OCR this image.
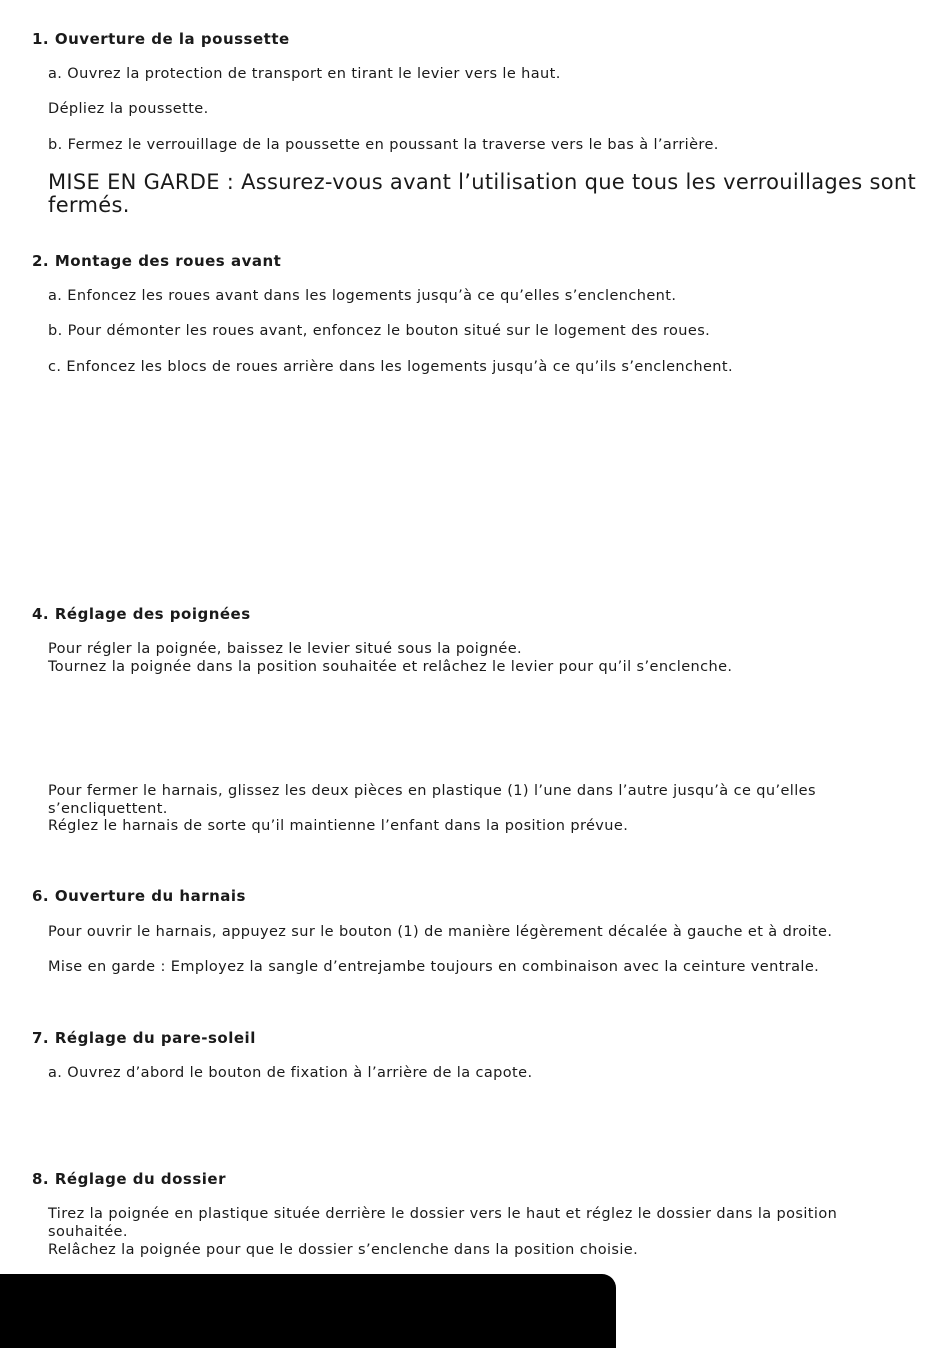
1. Ouverture de la poussette

a. Ouvrez la protection de transport en tirant le levier vers le haut.

Dépliez la poussette.

b. Fermez le verrouillage de la poussette en poussant la traverse vers le bas à l’arrière.

MISE EN GARDE : Assurez-vous avant l’utilisation que tous les verrouillages sont fermés.

2. Montage des roues avant

a. Enfoncez les roues avant dans les logements jusqu’à ce qu’elles s’enclenchent.

b. Pour démonter les roues avant, enfoncez le bouton situé sur le logement des roues.

c. Enfoncez les blocs de roues arrière dans les logements jusqu’à ce qu’ils s’enclenchent.

4. Réglage des poignées

Pour régler la poignée, baissez le levier situé sous la poignée.

Tournez la poignée dans la position souhaitée et relâchez le levier pour qu’il s’enclenche.

Pour fermer le harnais, glissez les deux pièces en plastique (1) l’une dans l’autre jusqu’à ce qu’elles s’encliquettent.

Réglez le harnais de sorte qu’il maintienne l’enfant dans la position prévue.

6. Ouverture du harnais

Pour ouvrir le harnais, appuyez sur le bouton (1) de manière légèrement décalée à gauche et à droite.

Mise en garde : Employez la sangle d’entrejambe toujours en combinaison avec la ceinture ventrale.

7. Réglage du pare-soleil

a. Ouvrez d’abord le bouton de fixation à l’arrière de la capote.

8. Réglage du dossier

Tirez la poignée en plastique située derrière le dossier vers le haut et réglez le dossier dans la position souhaitée.

Relâchez la poignée pour que le dossier s’enclenche dans la position choisie.
